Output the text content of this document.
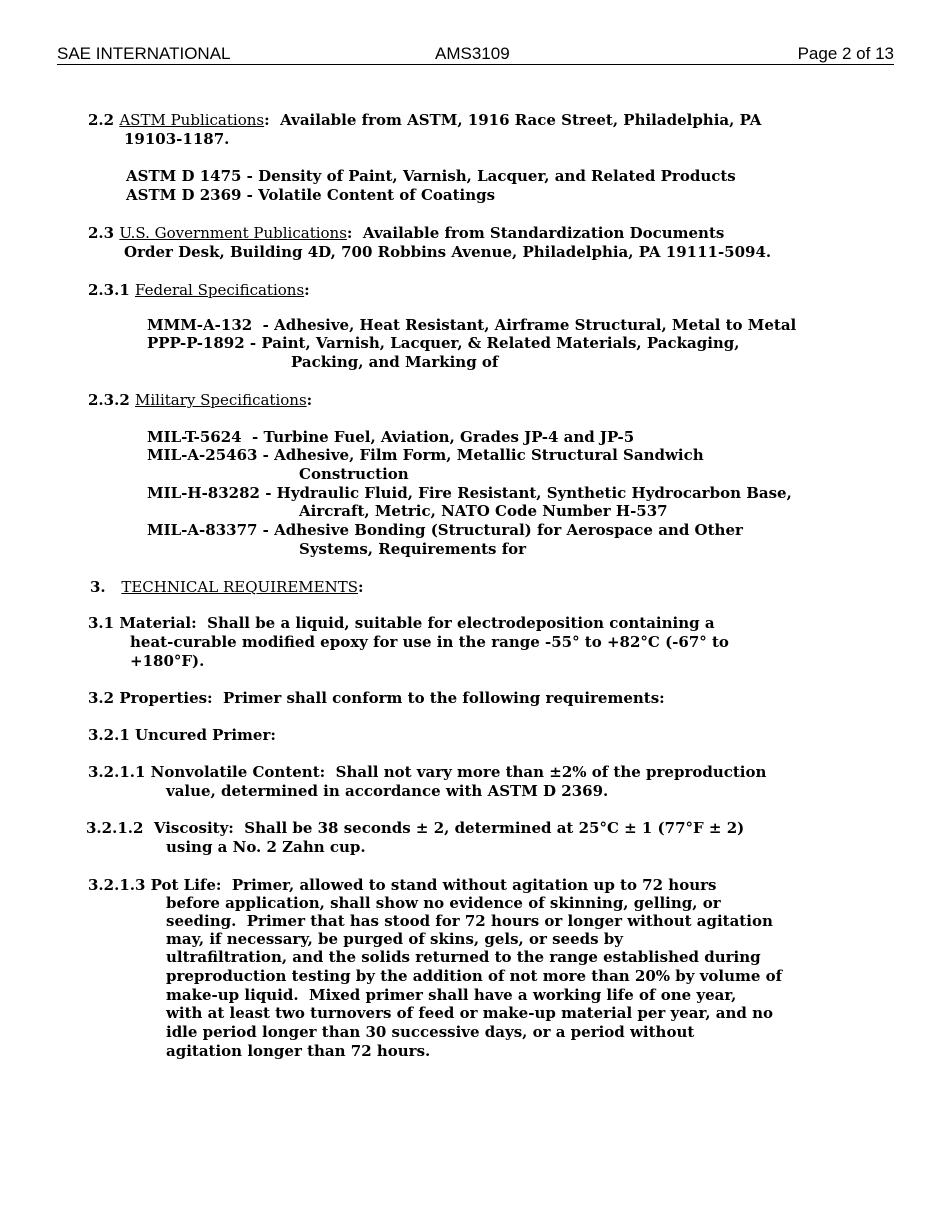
SAE INTERNATIONAL	AMS3109	Page 2 of 13
2.2 ASTM Publications: Available from ASTM, 1916 Race Street, Philadelphia, PA
19103-1187.
ASTM D 1475 - Density of Paint, Varnish, Lacquer, and Related Products
ASTM D 2369 - Volatile Content of Coatings
2.3 U.S. Government Publications: Available from Standardization Documents
Order Desk, Building 4D, 700 Robbins Avenue, Philadelphia, PA 19111-5094.
2.3.1 Federal Specifications:
MMM-A-132  - Adhesive, Heat Resistant, Airframe Structural, Metal to Metal
PPP-P-1892 - Paint, Varnish, Lacquer, & Related Materials, Packaging,
Packing, and Marking of
2.3.2 Military Specifications:
MIL-T-5624  - Turbine Fuel, Aviation, Grades JP-4 and JP-5
MIL-A-25463 - Adhesive, Film Form, Metallic Structural Sandwich
Construction
MIL-H-83282 - Hydraulic Fluid, Fire Resistant, Synthetic Hydrocarbon Base,
Aircraft, Metric, NATO Code Number H-537
MIL-A-83377 - Adhesive Bonding (Structural) for Aerospace and Other
Systems, Requirements for
3. TECHNICAL REQUIREMENTS:
3.1 Material:  Shall be a liquid, suitable for electrodeposition containing a
heat-curable modified epoxy for use in the range -55° to +82°C (-67° to
+180°F).
3.2 Properties:  Primer shall conform to the following requirements:
3.2.1 Uncured Primer:
3.2.1.1 Nonvolatile Content:  Shall not vary more than ±2% of the preproduction
value, determined in accordance with ASTM D 2369.
3.2.1.2  Viscosity:  Shall be 38 seconds ± 2, determined at 25°C ± 1 (77°F ± 2)
using a No. 2 Zahn cup.
3.2.1.3 Pot Life:  Primer, allowed to stand without agitation up to 72 hours
before application, shall show no evidence of skinning, gelling, or
seeding.  Primer that has stood for 72 hours or longer without agitation
may, if necessary, be purged of skins, gels, or seeds by
ultrafiltration, and the solids returned to the range established during
preproduction testing by the addition of not more than 20% by volume of
make-up liquid.  Mixed primer shall have a working life of one year,
with at least two turnovers of feed or make-up material per year, and no
idle period longer than 30 successive days, or a period without
agitation longer than 72 hours.
